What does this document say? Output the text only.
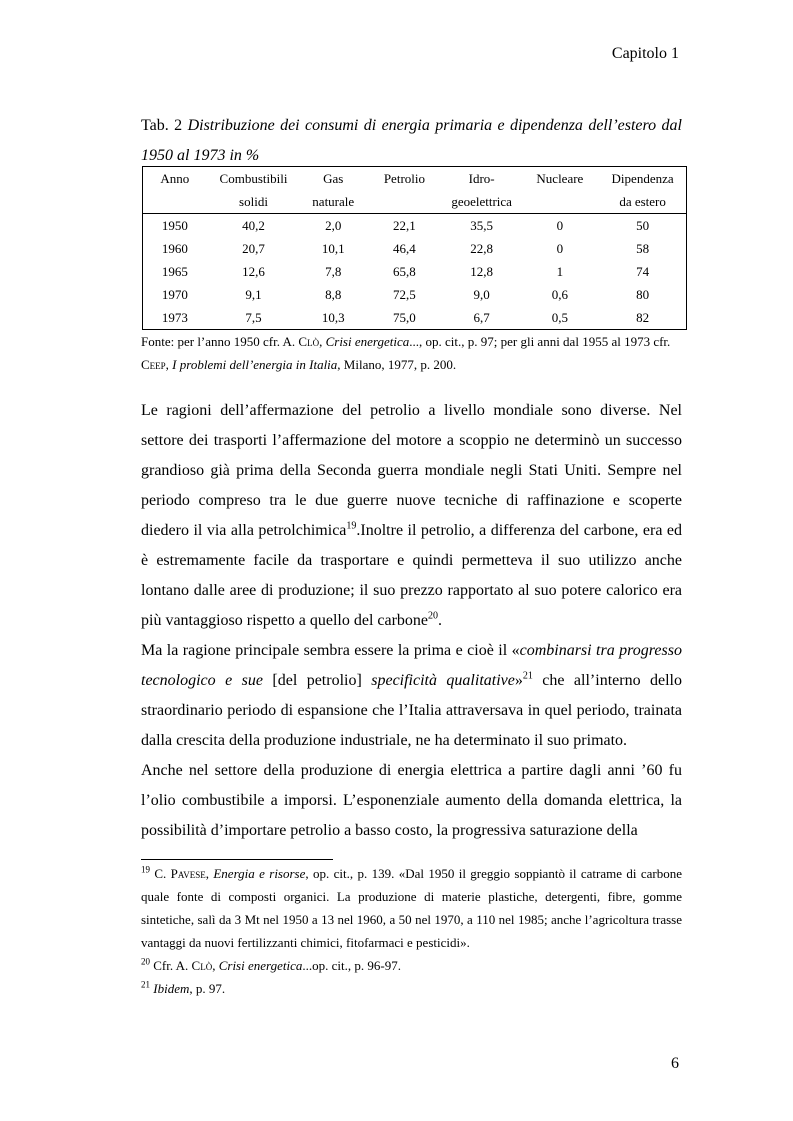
Capitolo 1
Tab. 2 Distribuzione dei consumi di energia primaria e dipendenza dell’estero dal 1950 al 1973 in %
Anno	Combustibili	Gas	Petrolio	Idro-	Nucleare	Dipendenza
	solidi	naturale		geoelettrica		da estero
1950	40,2	2,0	22,1	35,5	0	50
1960	20,7	10,1	46,4	22,8	0	58
1965	12,6	7,8	65,8	12,8	1	74
1970	9,1	8,8	72,5	9,0	0,6	80
1973	7,5	10,3	75,0	6,7	0,5	82
Fonte: per l’anno 1950 cfr. A. Clò, Crisi energetica..., op. cit., p. 97; per gli anni dal 1955 al 1973 cfr. Ceep, I problemi dell’energia in Italia, Milano, 1977, p. 200.

Le ragioni dell’affermazione del petrolio a livello mondiale sono diverse. Nel settore dei trasporti l’affermazione del motore a scoppio ne determinò un successo grandioso già prima della Seconda guerra mondiale negli Stati Uniti. Sempre nel periodo compreso tra le due guerre nuove tecniche di raffinazione e scoperte diedero il via alla petrolchimica$^{19}$.Inoltre il petrolio, a differenza del carbone, era ed è estremamente facile da trasportare e quindi permetteva il suo utilizzo anche lontano dalle aree di produzione; il suo prezzo rapportato al suo potere calorico era più vantaggioso rispetto a quello del carbone$^{20}$.

Ma la ragione principale sembra essere la prima e cioè il «combinarsi tra progresso tecnologico e sue [del petrolio] specificità qualitative»$^{21}$ che all’interno dello straordinario periodo di espansione che l’Italia attraversava in quel periodo, trainata dalla crescita della produzione industriale, ne ha determinato il suo primato.

Anche nel settore della produzione di energia elettrica a partire dagli anni ’60 fu l’olio combustibile a imporsi. L’esponenziale aumento della domanda elettrica, la possibilità d’importare petrolio a basso costo, la progressiva saturazione della

$^{19}$ C. Pavese, Energia e risorse, op. cit., p. 139. «Dal 1950 il greggio soppiantò il catrame di carbone quale fonte di composti organici. La produzione di materie plastiche, detergenti, fibre, gomme sintetiche, salì da 3 Mt nel 1950 a 13 nel 1960, a 50 nel 1970, a 110 nel 1985; anche l’agricoltura trasse vantaggi da nuovi fertilizzanti chimici, fitofarmaci e pesticidi».

$^{20}$ Cfr. A. Clò, Crisi energetica...op. cit., p. 96-97.

$^{21}$ Ibidem, p. 97.

6
